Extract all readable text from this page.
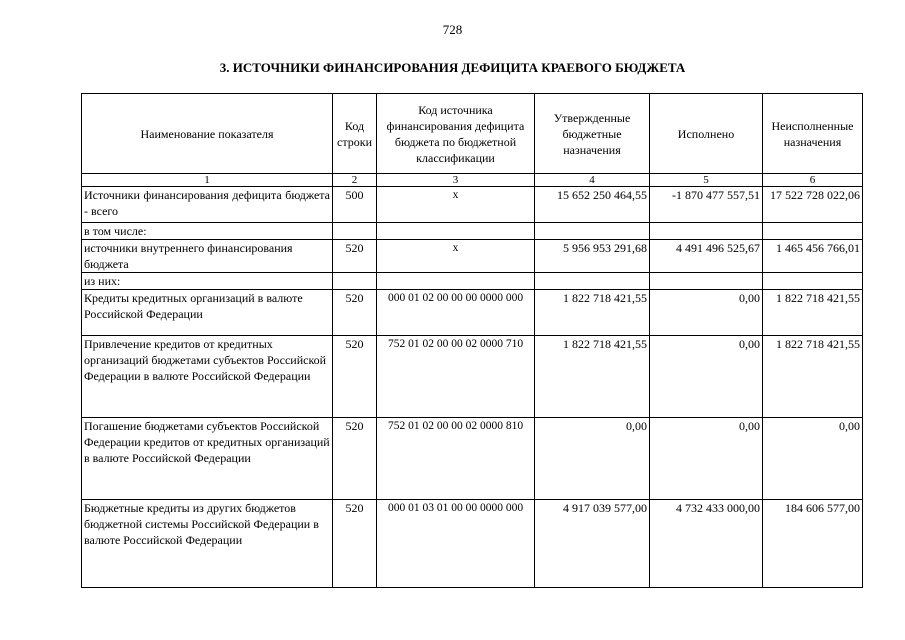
728
3. ИСТОЧНИКИ ФИНАНСИРОВАНИЯ ДЕФИЦИТА КРАЕВОГО БЮДЖЕТА
Наименование показателя	Код строки	Код источника финансирования дефицита бюджета по бюджетной классификации	Утвержденные бюджетные назначения	Исполнено	Неисполненные назначения
1	2	3	4	5	6
Источники финансирования дефицита бюджета - всего	500	х	15 652 250 464,55	-1 870 477 557,51	17 522 728 022,06
в том числе:					
источники внутреннего финансирования бюджета	520	х	5 956 953 291,68	4 491 496 525,67	1 465 456 766,01
из них:					
Кредиты кредитных организаций в валюте Российской Федерации	520	000 01 02 00 00 00 0000 000	1 822 718 421,55	0,00	1 822 718 421,55
Привлечение кредитов от кредитных организаций бюджетами субъектов Российской Федерации в валюте Российской Федерации	520	752 01 02 00 00 02 0000 710	1 822 718 421,55	0,00	1 822 718 421,55
Погашение бюджетами субъектов Российской Федерации кредитов от кредитных организаций в валюте Российской Федерации	520	752 01 02 00 00 02 0000 810	0,00	0,00	0,00
Бюджетные кредиты из других бюджетов бюджетной системы Российской Федерации в валюте Российской Федерации	520	000 01 03 01 00 00 0000 000	4 917 039 577,00	4 732 433 000,00	184 606 577,00
